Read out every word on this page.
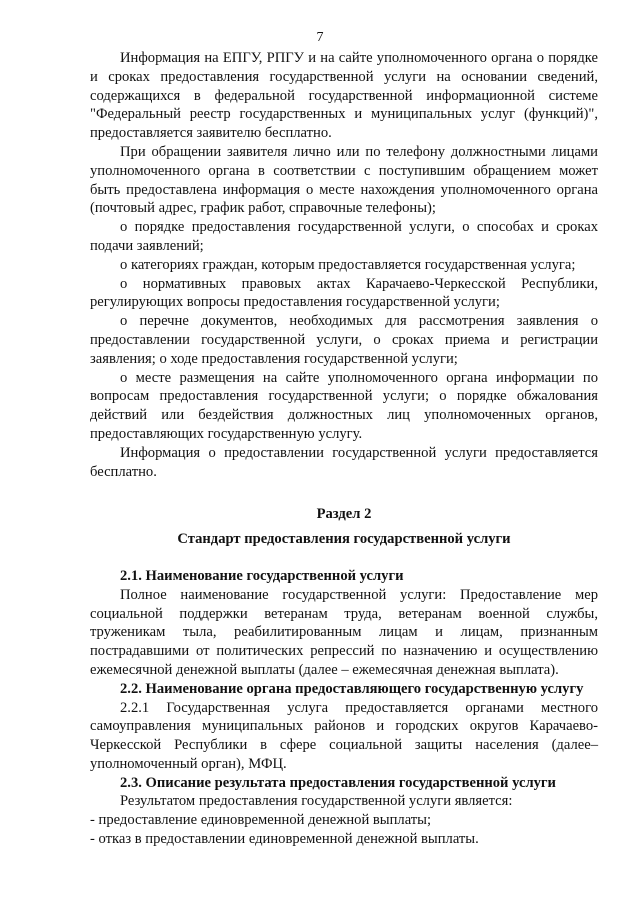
7

Информация на ЕПГУ, РПГУ и на сайте уполномоченного органа о порядке и сроках предоставления государственной услуги на основании сведений, содержащихся в федеральной государственной информационной системе "Федеральный реестр государственных и муниципальных услуг (функций)", предоставляется заявителю бесплатно.

При обращении заявителя лично или по телефону должностными лицами уполномоченного органа в соответствии с поступившим обращением может быть предоставлена информация о месте нахождения уполномоченного органа (почтовый адрес, график работ, справочные телефоны);

о порядке предоставления государственной услуги, о способах и сроках подачи заявлений;

о категориях граждан, которым предоставляется государственная услуга;

о нормативных правовых актах Карачаево-Черкесской Республики, регулирующих вопросы предоставления государственной услуги;

о перечне документов, необходимых для рассмотрения заявления о предоставлении государственной услуги, о сроках приема и регистрации заявления; о ходе предоставления государственной услуги;

о месте размещения на сайте уполномоченного органа информации по вопросам предоставления государственной услуги; о порядке обжалования действий или бездействия должностных лиц уполномоченных органов, предоставляющих государственную услугу.

Информация о предоставлении государственной услуги предоставляется бесплатно.

Раздел 2
Стандарт предоставления государственной услуги
2.1. Наименование государственной услуги

Полное наименование государственной услуги: Предоставление мер социальной поддержки ветеранам труда, ветеранам военной службы, труженикам тыла, реабилитированным лицам и лицам, признанным пострадавшими от политических репрессий по назначению и осуществлению ежемесячной денежной выплаты (далее – ежемесячная денежная выплата).

2.2. Наименование органа предоставляющего государственную услугу

2.2.1 Государственная услуга предоставляется органами местного самоуправления муниципальных районов и городских округов Карачаево-Черкесской Республики в сфере социальной защиты населения (далее– уполномоченный орган), МФЦ.

2.3. Описание результата предоставления государственной услуги

Результатом предоставления государственной услуги является:

- предоставление единовременной денежной выплаты;

- отказ в предоставлении единовременной денежной выплаты.
